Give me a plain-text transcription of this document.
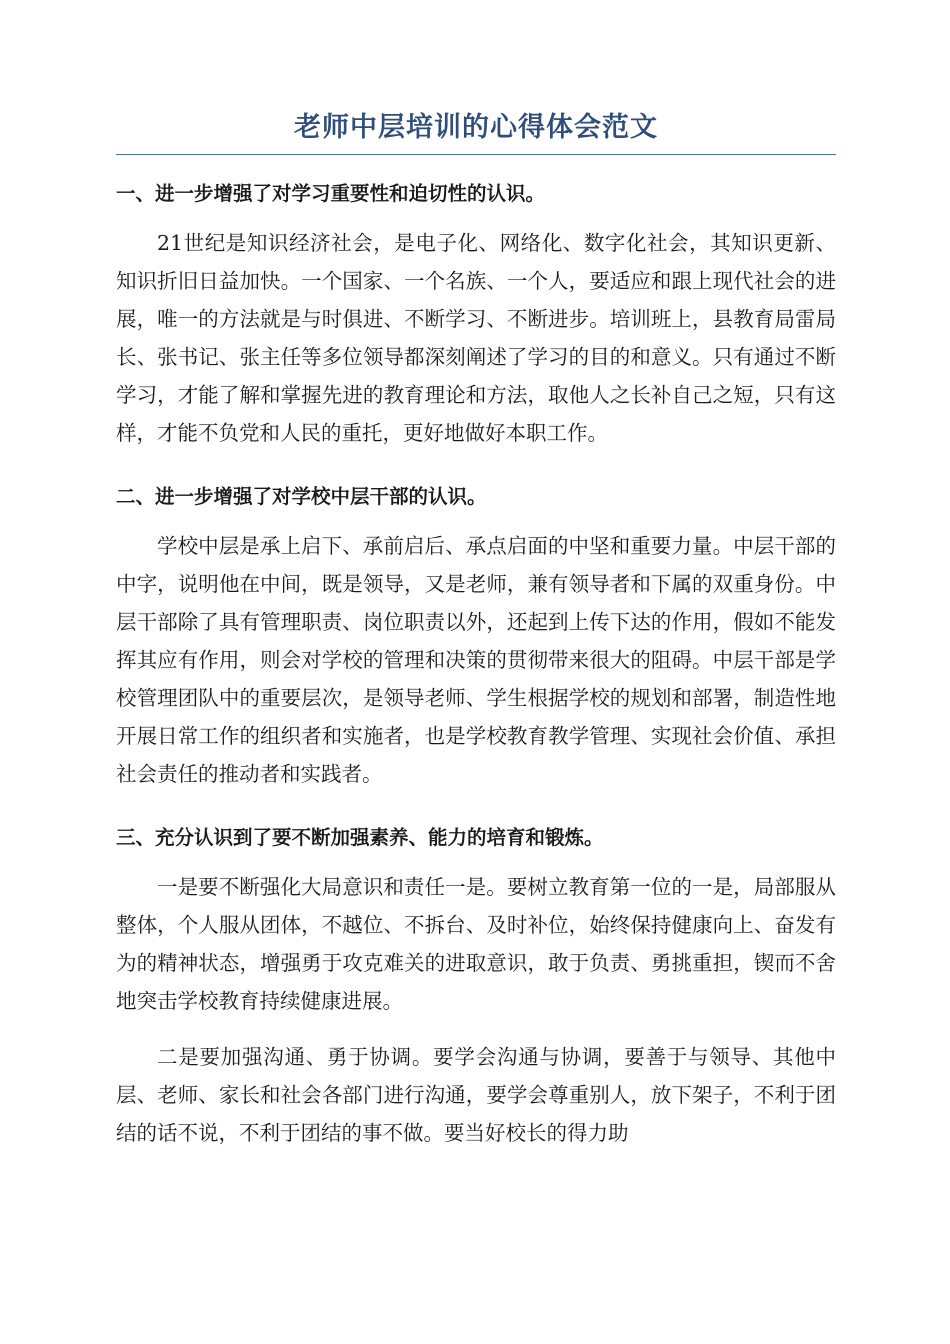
老师中层培训的心得体会范文
一、进一步增强了对学习重要性和迫切性的认识。

21世纪是知识经济社会，是电子化、网络化、数字化社会，其知识更新、知识折旧日益加快。一个国家、一个名族、一个人，要适应和跟上现代社会的进展，唯一的方法就是与时俱进、不断学习、不断进步。培训班上，县教育局雷局长、张书记、张主任等多位领导都深刻阐述了学习的目的和意义。只有通过不断学习，才能了解和掌握先进的教育理论和方法，取他人之长补自己之短，只有这样，才能不负党和人民的重托，更好地做好本职工作。

二、进一步增强了对学校中层干部的认识。

学校中层是承上启下、承前启后、承点启面的中坚和重要力量。中层干部的中字，说明他在中间，既是领导，又是老师，兼有领导者和下属的双重身份。中层干部除了具有管理职责、岗位职责以外，还起到上传下达的作用，假如不能发挥其应有作用，则会对学校的管理和决策的贯彻带来很大的阻碍。中层干部是学校管理团队中的重要层次，是领导老师、学生根据学校的规划和部署，制造性地开展日常工作的组织者和实施者，也是学校教育教学管理、实现社会价值、承担社会责任的推动者和实践者。

三、充分认识到了要不断加强素养、能力的培育和锻炼。

一是要不断强化大局意识和责任一是。要树立教育第一位的一是，局部服从整体，个人服从团体，不越位、不拆台、及时补位，始终保持健康向上、奋发有为的精神状态，增强勇于攻克难关的进取意识，敢于负责、勇挑重担，锲而不舍地突击学校教育持续健康进展。

二是要加强沟通、勇于协调。要学会沟通与协调，要善于与领导、其他中层、老师、家长和社会各部门进行沟通，要学会尊重别人，放下架子，不利于团结的话不说，不利于团结的事不做。要当好校长的得力助
